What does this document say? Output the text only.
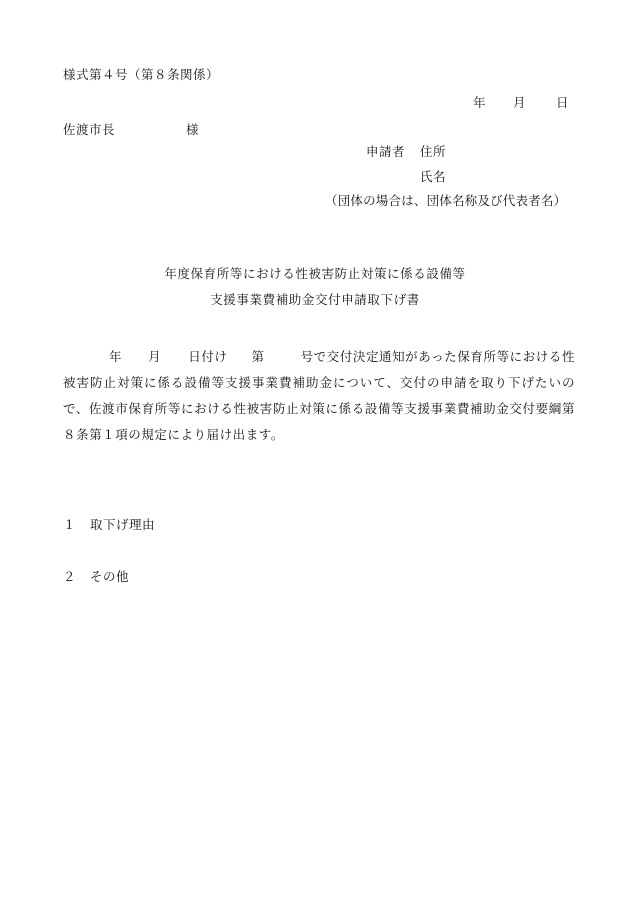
様式第４号（第８条関係）
年 月 日
佐渡市長	様
申請者 住所
氏名
（団体の場合は、団体名称及び代表者名）
年度保育所等における性被害防止対策に係る設備等
支援事業費補助金交付申請取下げ書
年 月 日付け 第	号で交付決定通知があった保育所等における性被害防止対策に係る設備等支援事業費補助金について、交付の申請を取り下げたいので、佐渡市保育所等における性被害防止対策に係る設備等支援事業費補助金交付要綱第８条第１項の規定により届け出ます。
１ 取下げ理由
２ その他
